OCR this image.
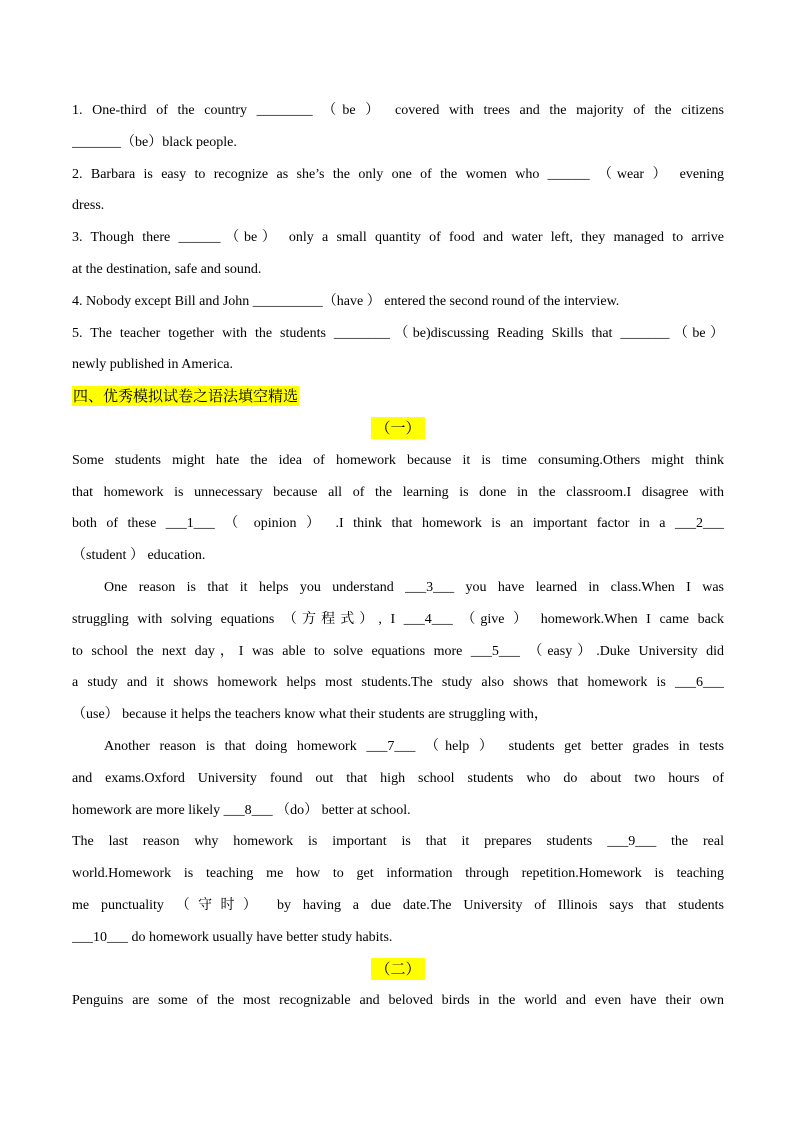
1. One-third of the country ________ （be ） covered with trees and the majority of the citizens
_______（be）black people.
2. Barbara is easy to recognize as she’s the only one of the women who ______ （wear ） evening
dress.
3. Though there ______（be） only a small quantity of food and water left, they managed to arrive
at the destination, safe and sound.
4. Nobody except Bill and John __________（have ） entered the second round of the interview.
5. The teacher together with the students ________（be)discussing Reading Skills that _______（be）
newly published in America.
四、优秀模拟试卷之语法填空精选
（一）
Some students might hate the idea of homework because it is time consuming.Others might think
that homework is unnecessary because all of the learning is done in the classroom.I disagree with
both of these ___1___ （ opinion ） .I think that homework is an important factor in a ___2___
（student ） education.
One reason is that it helps you understand ___3___ you have learned in class.When I was
struggling with solving equations （方程式）, I ___4___ （give ） homework.When I came back
to school the next day，I was able to solve equations more ___5___ （easy）.Duke University did
a study and it shows homework helps most students.The study also shows that homework is ___6___
（use） because it helps the teachers know what their students are struggling with，
Another reason is that doing homework ___7___ （help ） students get better grades in tests
and exams.Oxford University found out that high school students who do about two hours of
homework are more likely ___8___ （do） better at school.
The last reason why homework is important is that it prepares students ___9___ the real
world.Homework is teaching me how to get information through repetition.Homework is teaching
me punctuality （守时） by having a due date.The University of Illinois says that students
___10___ do homework usually have better study habits.
（二）
Penguins are some of the most recognizable and beloved birds in the world and even have their own
